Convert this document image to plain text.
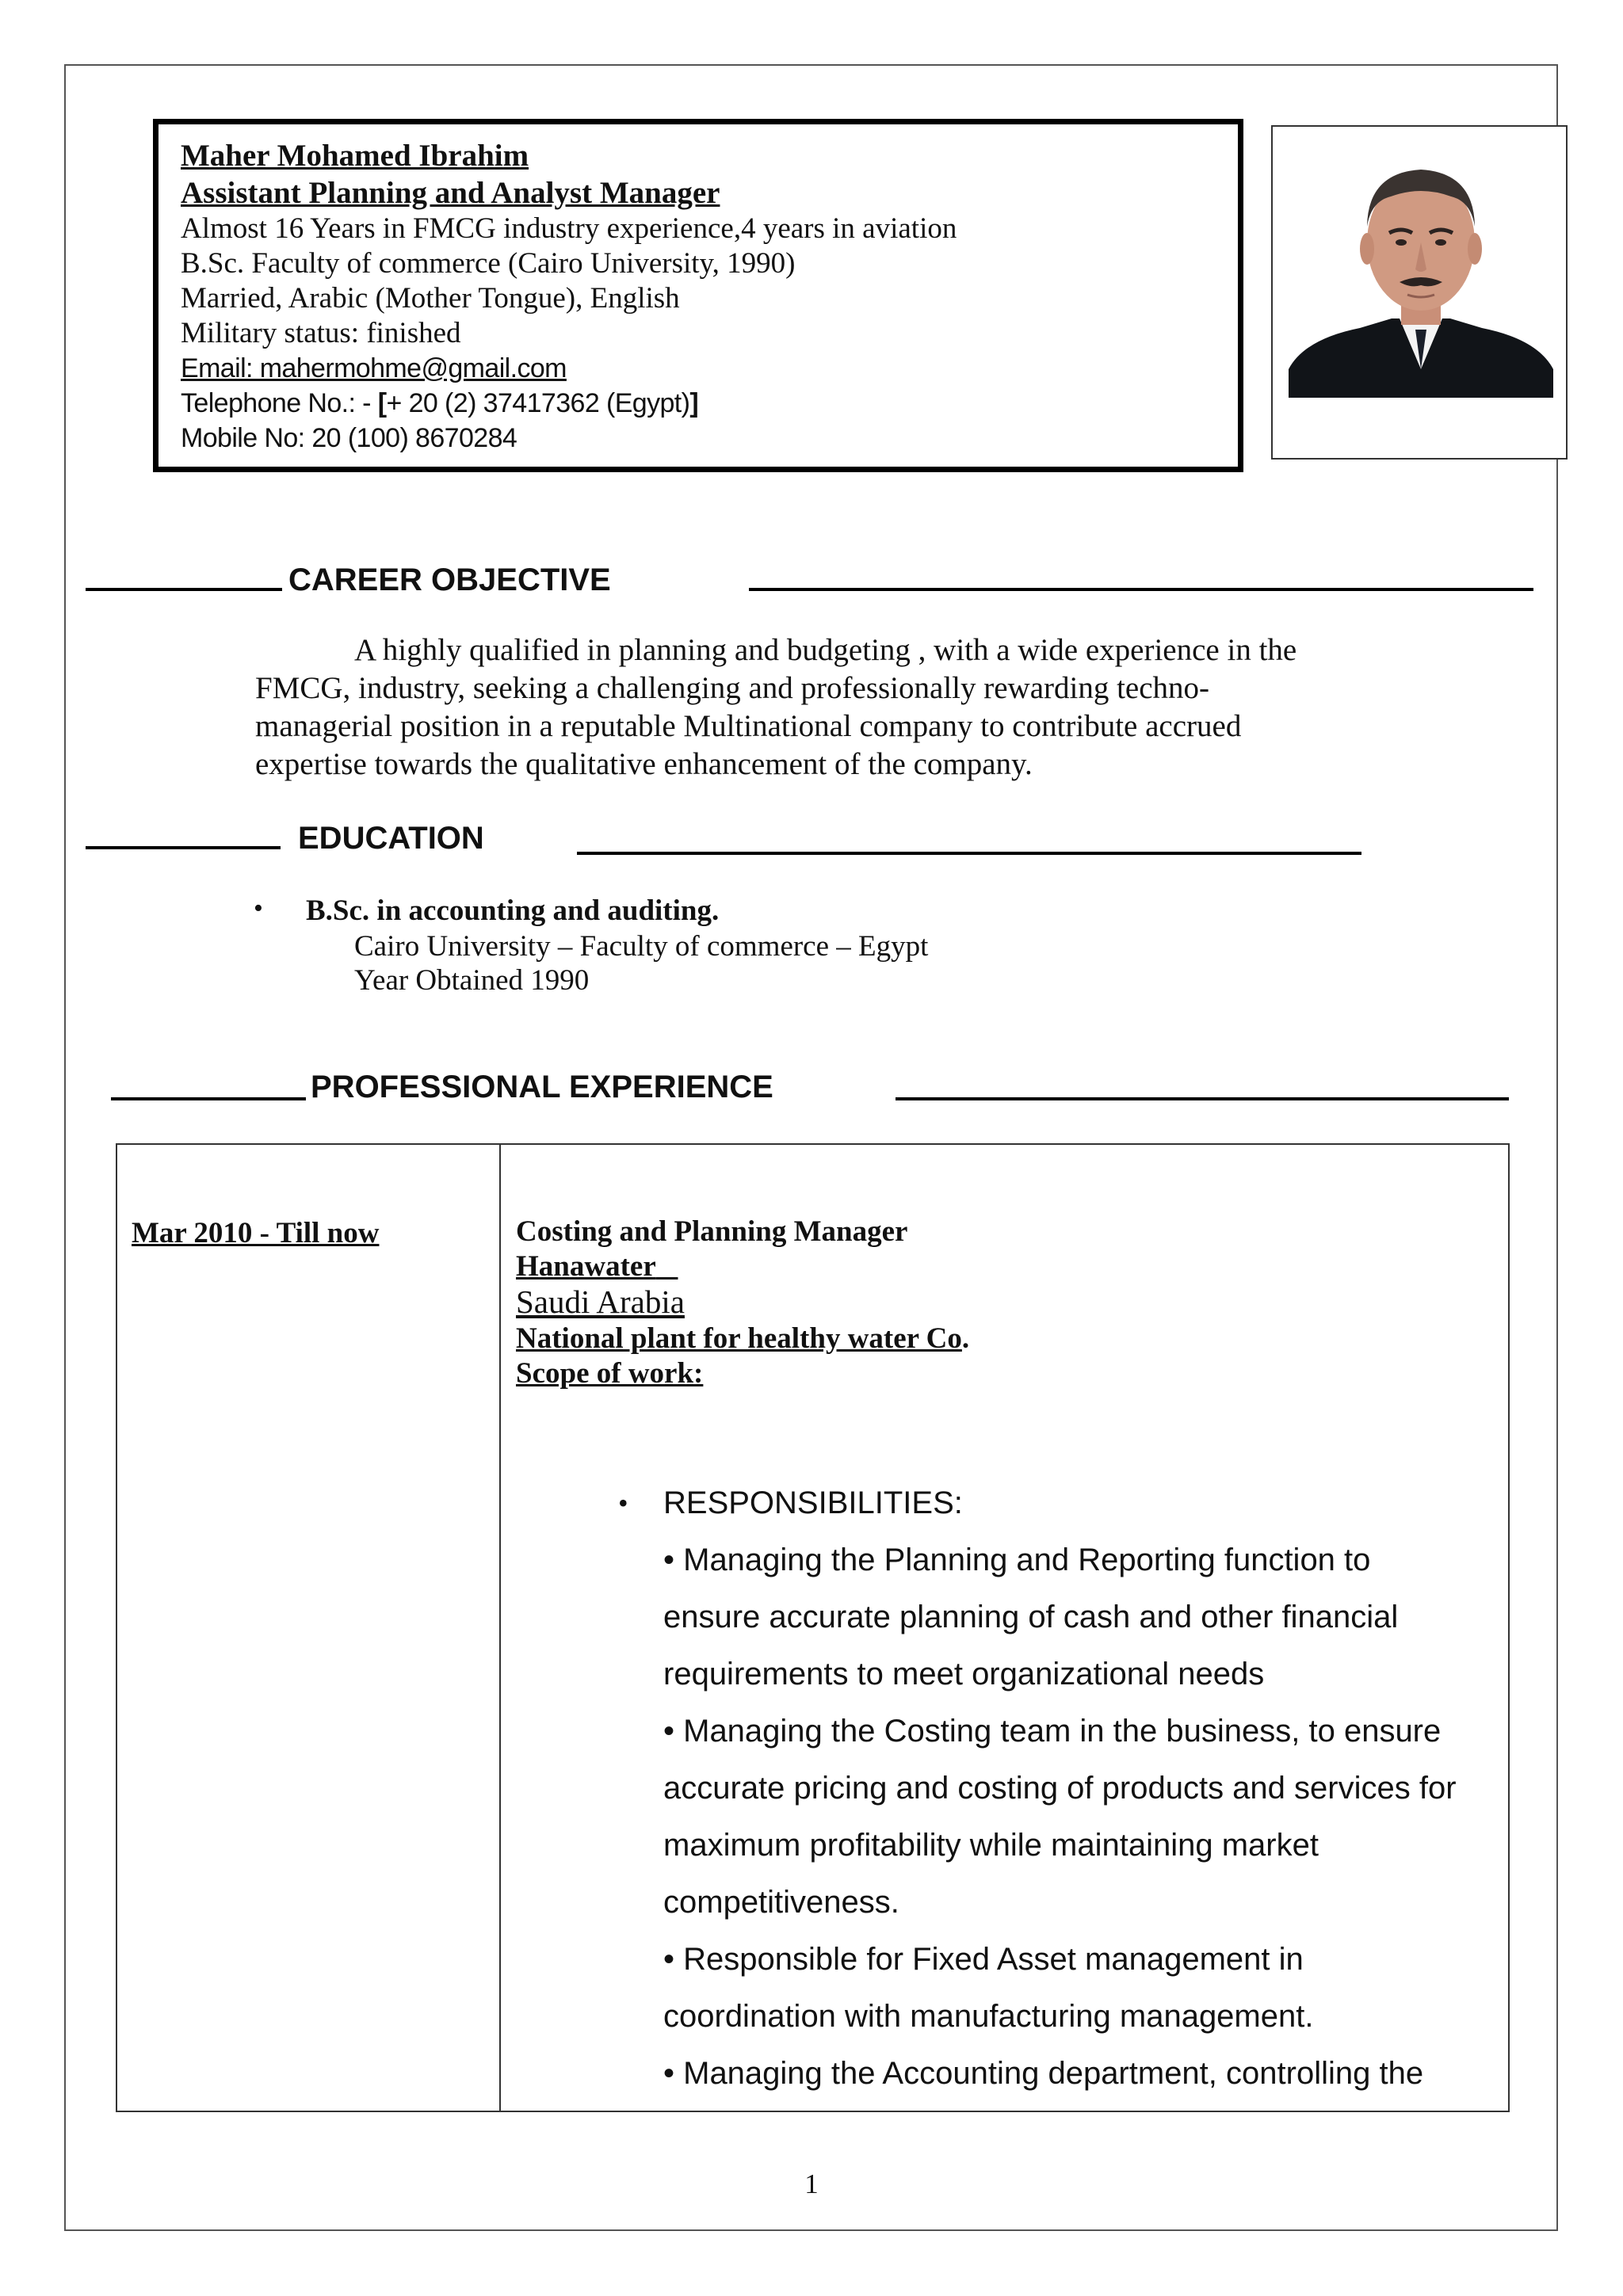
Maher Mohamed Ibrahim
Assistant Planning and Analyst Manager
Almost 16 Years in FMCG industry experience,4 years in aviation
B.Sc. Faculty of commerce (Cairo University, 1990)
Married, Arabic (Mother Tongue), English
Military status: finished
Email: mahermohme@gmail.com
Telephone No.: - [+ 20 (2) 37417362 (Egypt)]
Mobile No: 20 (100) 8670284
CAREER OBJECTIVE
A highly qualified in planning and budgeting , with a wide experience in the
FMCG, industry, seeking a challenging and professionally rewarding techno-
managerial position in a reputable Multinational company to contribute accrued
expertise towards the qualitative enhancement of the company.
EDUCATION
• B.Sc. in accounting and auditing.
Cairo University – Faculty of commerce – Egypt
Year Obtained 1990
PROFESSIONAL EXPERIENCE
Mar 2010 - Till now	Costing and Planning Manager
Hanawater
Saudi Arabia
National plant for healthy water Co.
Scope of work:
• RESPONSIBILITIES:
• Managing the Planning and Reporting function to
ensure accurate planning of cash and other financial
requirements to meet organizational needs
• Managing the Costing team in the business, to ensure
accurate pricing and costing of products and services for
maximum profitability while maintaining market
competitiveness.
• Responsible for Fixed Asset management in
coordination with manufacturing management.
• Managing the Accounting department, controlling the
1
